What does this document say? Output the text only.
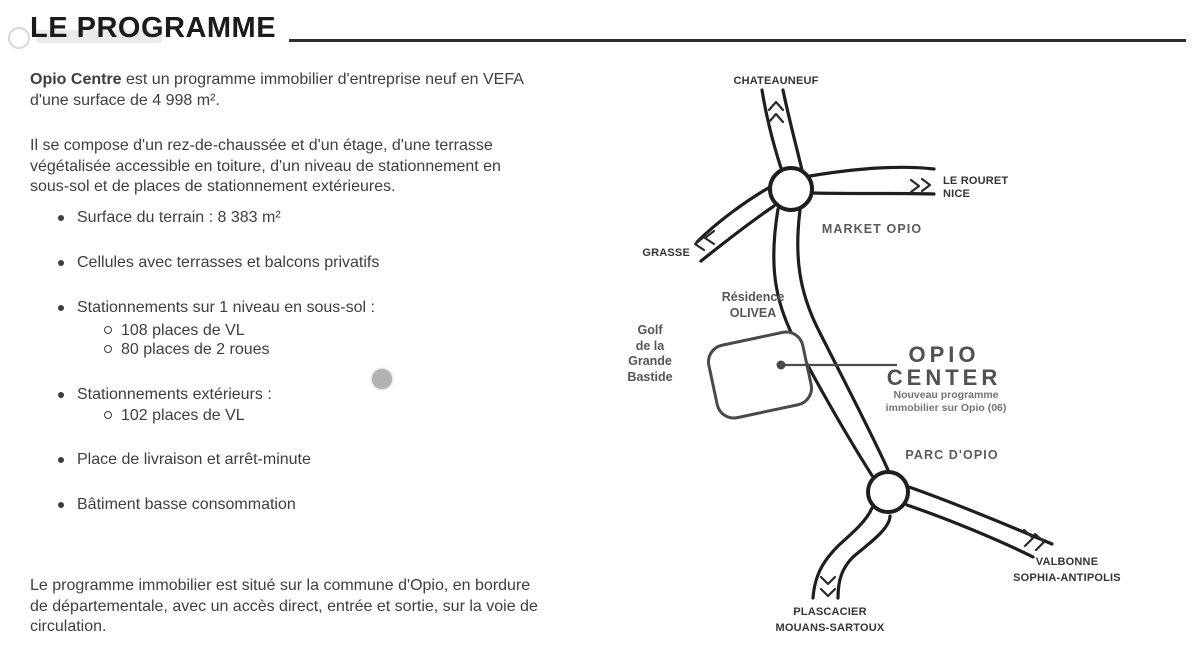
LE PROGRAMME
Opio Centre est un programme immobilier d'entreprise neuf en VEFA
d'une surface de 4 998 m².
Il se compose d'un rez-de-chaussée et d'un étage, d'une terrasse
végétalisée accessible en toiture, d'un niveau de stationnement en
sous-sol et de places de stationnement extérieures.
Surface du terrain : 8 383 m²
Cellules avec terrasses et balcons privatifs
Stationnements sur 1 niveau en sous-sol :
108 places de VL
80 places de 2 roues
Stationnements extérieurs :
102 places de VL
Place de livraison et arrêt-minute
Bâtiment basse consommation
Le programme immobilier est situé sur la commune d'Opio, en bordure
de départementale, avec un accès direct, entrée et sortie, sur la voie de
circulation.
CHATEAUNEUF
LE ROURET
NICE
GRASSE
MARKET OPIO
Résidence
OLIVEA
Golf
de la
Grande
Bastide
OPIO
CENTER
Nouveau programme
immobilier sur Opio (06)
PARC D'OPIO
VALBONNE
SOPHIA-ANTIPOLIS
PLASCACIER
MOUANS-SARTOUX
